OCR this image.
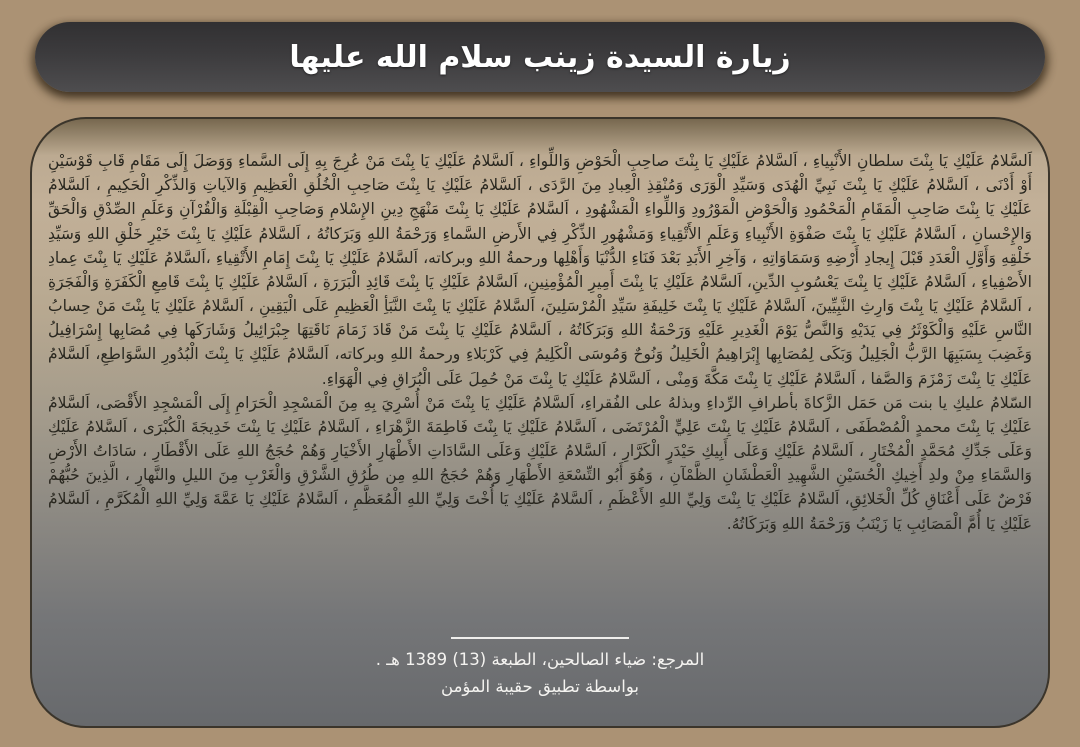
زيارة السيدة زينب سلام الله عليها

اَلسَّلامُ عَلَيْكِ يَا بِنْتَ سلطانِ الأَنْبِياءِ ، اَلسَّلامُ عَلَيْكِ يَا بِنْتَ صاحِبِ الْحَوْضِ وَاللِّواءِ ، اَلسَّلامُ عَلَيْكِ يَا بِنْتَ مَنْ عُرِجَ بِهِ إِلَى السَّماءِ وَوَصَلَ إِلَى مَقَامِ قَابِ قَوْسَيْنِ أَوْ أَدْنَى ، اَلسَّلامُ عَلَيْكِ يَا بِنْتَ نَبِيِّ الْهُدَى وَسَيِّدِ الْوَرَى وَمُنْقِذِ الْعِبادِ مِنَ الرَّدَى ، اَلسَّلامُ عَلَيْكِ يَا بِنْتَ صَاحِبِ الْخُلُقِ الْعَظِيمِ وَالآياتِ وَالذِّكْرِ الْحَكِيمِ ، اَلسَّلامُ عَلَيْكِ يَا بِنْتَ صَاحِبِ الْمَقَامِ الْمَحْمُودِ وَالْحَوْضِ الْمَوْرُودِ وَاللِّواءِ الْمَشْهُودِ ، اَلسَّلامُ عَلَيْكِ يَا بِنْتَ مَنْهَجِ دِينِ الإِسْلامِ وَصَاحِبِ الْقِبْلَةِ وَالْقُرْآنِ وَعَلَمِ الصِّدْقِ وَالْحَقِّ وَالإِحْسانِ ، اَلسَّلامُ عَلَيْكِ يَا بِنْتَ صَفْوَةِ الأَنْبِياءِ وَعَلَمِ الأَتْقِياءِ وَمَشْهُورِ الذِّكْرِ فِي الأَرضِ السَّماءِ وَرَحْمَةُ اللهِ وَبَرَكاتُهُ ، اَلسَّلامُ عَلَيْكِ يَا بِنْتَ خَيْرِ خَلْقِ اللهِ وَسَيِّدِ خَلْقِهِ وَأَوَّلِ الْعَدَدِ قَبْلَ إِيجادِ أَرْضِهِ وَسَمَاوَاتِهِ ، وَآخِرِ الأَبَدِ بَعْدَ فَنَاءِ الدُّنْيَا وَأَهْلِها ورحمةُ اللهِ وبركاته، اَلسَّلامُ عَلَيْكِ يَا بِنْتَ إِمَامِ الأَتْقِياءِ ،اَلسَّلامُ عَلَيْكِ يَا بِنْتَ عِمادِ الأَصْفِياءِ ، اَلسَّلامُ عَلَيْكِ يَا بِنْتَ يَعْسُوبِ الدِّينِ، اَلسَّلامُ عَلَيْكِ يَا بِنْتَ أَمِيرِ الْمُؤْمِنِينِ، اَلسَّلامُ عَلَيْكِ يَا بِنْتَ قَائِدِ الْبَرَرَةِ ، اَلسَّلامُ عَلَيْكِ يَا بِنْتَ قَامِعِ الْكَفَرَةِ وَالْفَجَرَةِ ، اَلسَّلامُ عَلَيْكِ يَا بِنْتَ وَارِثِ النَّبِيِّينَ، اَلسَّلامُ عَلَيْكِ يَا بِنْتَ خَلِيفَةِ سَيِّدِ الْمُرْسَلِينَ، اَلسَّلامُ عَلَيْكِ يَا بِنْتَ النَّبَأِ الْعَظِيمِ عَلَى الْيَقِينِ ، اَلسَّلامُ عَلَيْكِ يَا بِنْتَ مَنْ حِسابُ النَّاسِ عَلَيْهِ وَالْكَوْثَرُ فِي يَدَيْهِ وَالنَّصُّ يَوْمَ الْغَدِيرِ عَلَيْهِ وَرَحْمَةُ اللهِ وَبَرَكَاتُهُ ، اَلسَّلامُ عَلَيْكِ يَا بِنْتَ مَنْ قَادَ زَمَامَ نَاقَتِهَا جِبْرَائِيلُ وَشَارَكَها فِي مُصَابِها إِسْرَافِيلُ وَغَضِبَ بِسَبَبِهَا الرَّبُّ الْجَلِيلُ وَبَكَى لِمُصَابِها إِبْرَاهِيمُ الْخَلِيلُ وَنُوحٌ وَمُوسَى الْكَلِيمُ فِي كَرْبَلاءِ ورحمةُ اللهِ وبركاته، اَلسَّلامُ عَلَيْكِ يَا بِنْتَ الْبُدُورِ السَّوَاطِعِ، اَلسَّلامُ عَلَيْكِ يَا بِنْتَ زَمْزَمَ وَالصَّفا ، اَلسَّلامُ عَلَيْكِ يَا بِنْتَ مَكَّةَ وَمِنْى ، اَلسَّلامُ عَلَيْكِ يَا بِنْتَ مَنْ حُمِلَ عَلَى الْبُرَاقِ فِي الْهَوَاءِ.

السّلامُ عليكِ يا بنت مَن حَمَل الزَّكاةَ بأطرافِ الرِّداءِ وبذلهُ على الفُقراءِ، اَلسَّلامُ عَلَيْكِ يَا بِنْتَ مَنْ أُسْرِيَ بِهِ مِنَ الْمَسْجِدِ الْحَرَامِ إِلَى الْمَسْجِدِ الأَقْصَى، اَلسَّلامُ عَلَيْكِ يَا بِنْتَ محمدٍ الْمُصْطَفَى ، اَلسَّلامُ عَلَيْكِ يَا بِنْتَ عَلِيٍّ الْمُرْتَضَى ، اَلسَّلامُ عَلَيْكِ يَا بِنْتَ فَاطِمَةَ الزَّهْرَاءِ ، اَلسَّلامُ عَلَيْكِ يَا بِنْتَ خَدِيجَةَ الْكُبْرَى ، اَلسَّلامُ عَلَيْكِ وَعَلَى جَدِّكِ مُحَمَّدٍ الْمُخْتَارِ ، اَلسَّلامُ عَلَيْكِ وَعَلَى أَبِيكِ حَيْدَرٍ الْكَرَّارِ ، اَلسَّلامُ عَلَيْكِ وَعَلَى السَّادَاتِ الأَطْهَارِ الأَخْيَارِ وَهُمْ حُجَجُ اللهِ عَلَى الأَقْطَارِ ، سَادَاتُ الأَرْضِ وَالسَّمَاءِ مِنْ ولدِ أَخِيكِ الْحُسَيْنِ الشَّهِيدِ الْعَطْشَانِ الظَّمْآنِ ، وَهُوَ أَبُو التِّسْعَةِ الأَطْهَارِ وَهُمْ حُجَجُ اللهِ مِن طُرُقِ الشَّرْقِ وَالْغَرْبِ مِنَ الليلِ والنَّهارِ ، الَّذِينَ حُبُّهُمْ فَرْضٌ عَلَى أَعْنَاقِ كُلِّ الْخَلائِقِ، اَلسَّلامُ عَلَيْكِ يَا بِنْتَ وَلِيِّ اللهِ الأَعْظَمِ ، اَلسَّلامُ عَلَيْكِ يَا أُخْتَ وَلِيِّ اللهِ الْمُعَظَّمِ ، اَلسَّلامُ عَلَيْكِ يَا عَمَّةَ وَلِيِّ اللهِ الْمُكَرَّمِ ، اَلسَّلامُ عَلَيْكِ يَا أُمَّ الْمَصَائِبِ يَا زَيْنَبُ وَرَحْمَةُ اللهِ وَبَرَكَاتُهُ.

المرجع: ضياء الصالحين، الطبعة (13) 1389 هـ .

بواسطة تطبيق حقيبة المؤمن
